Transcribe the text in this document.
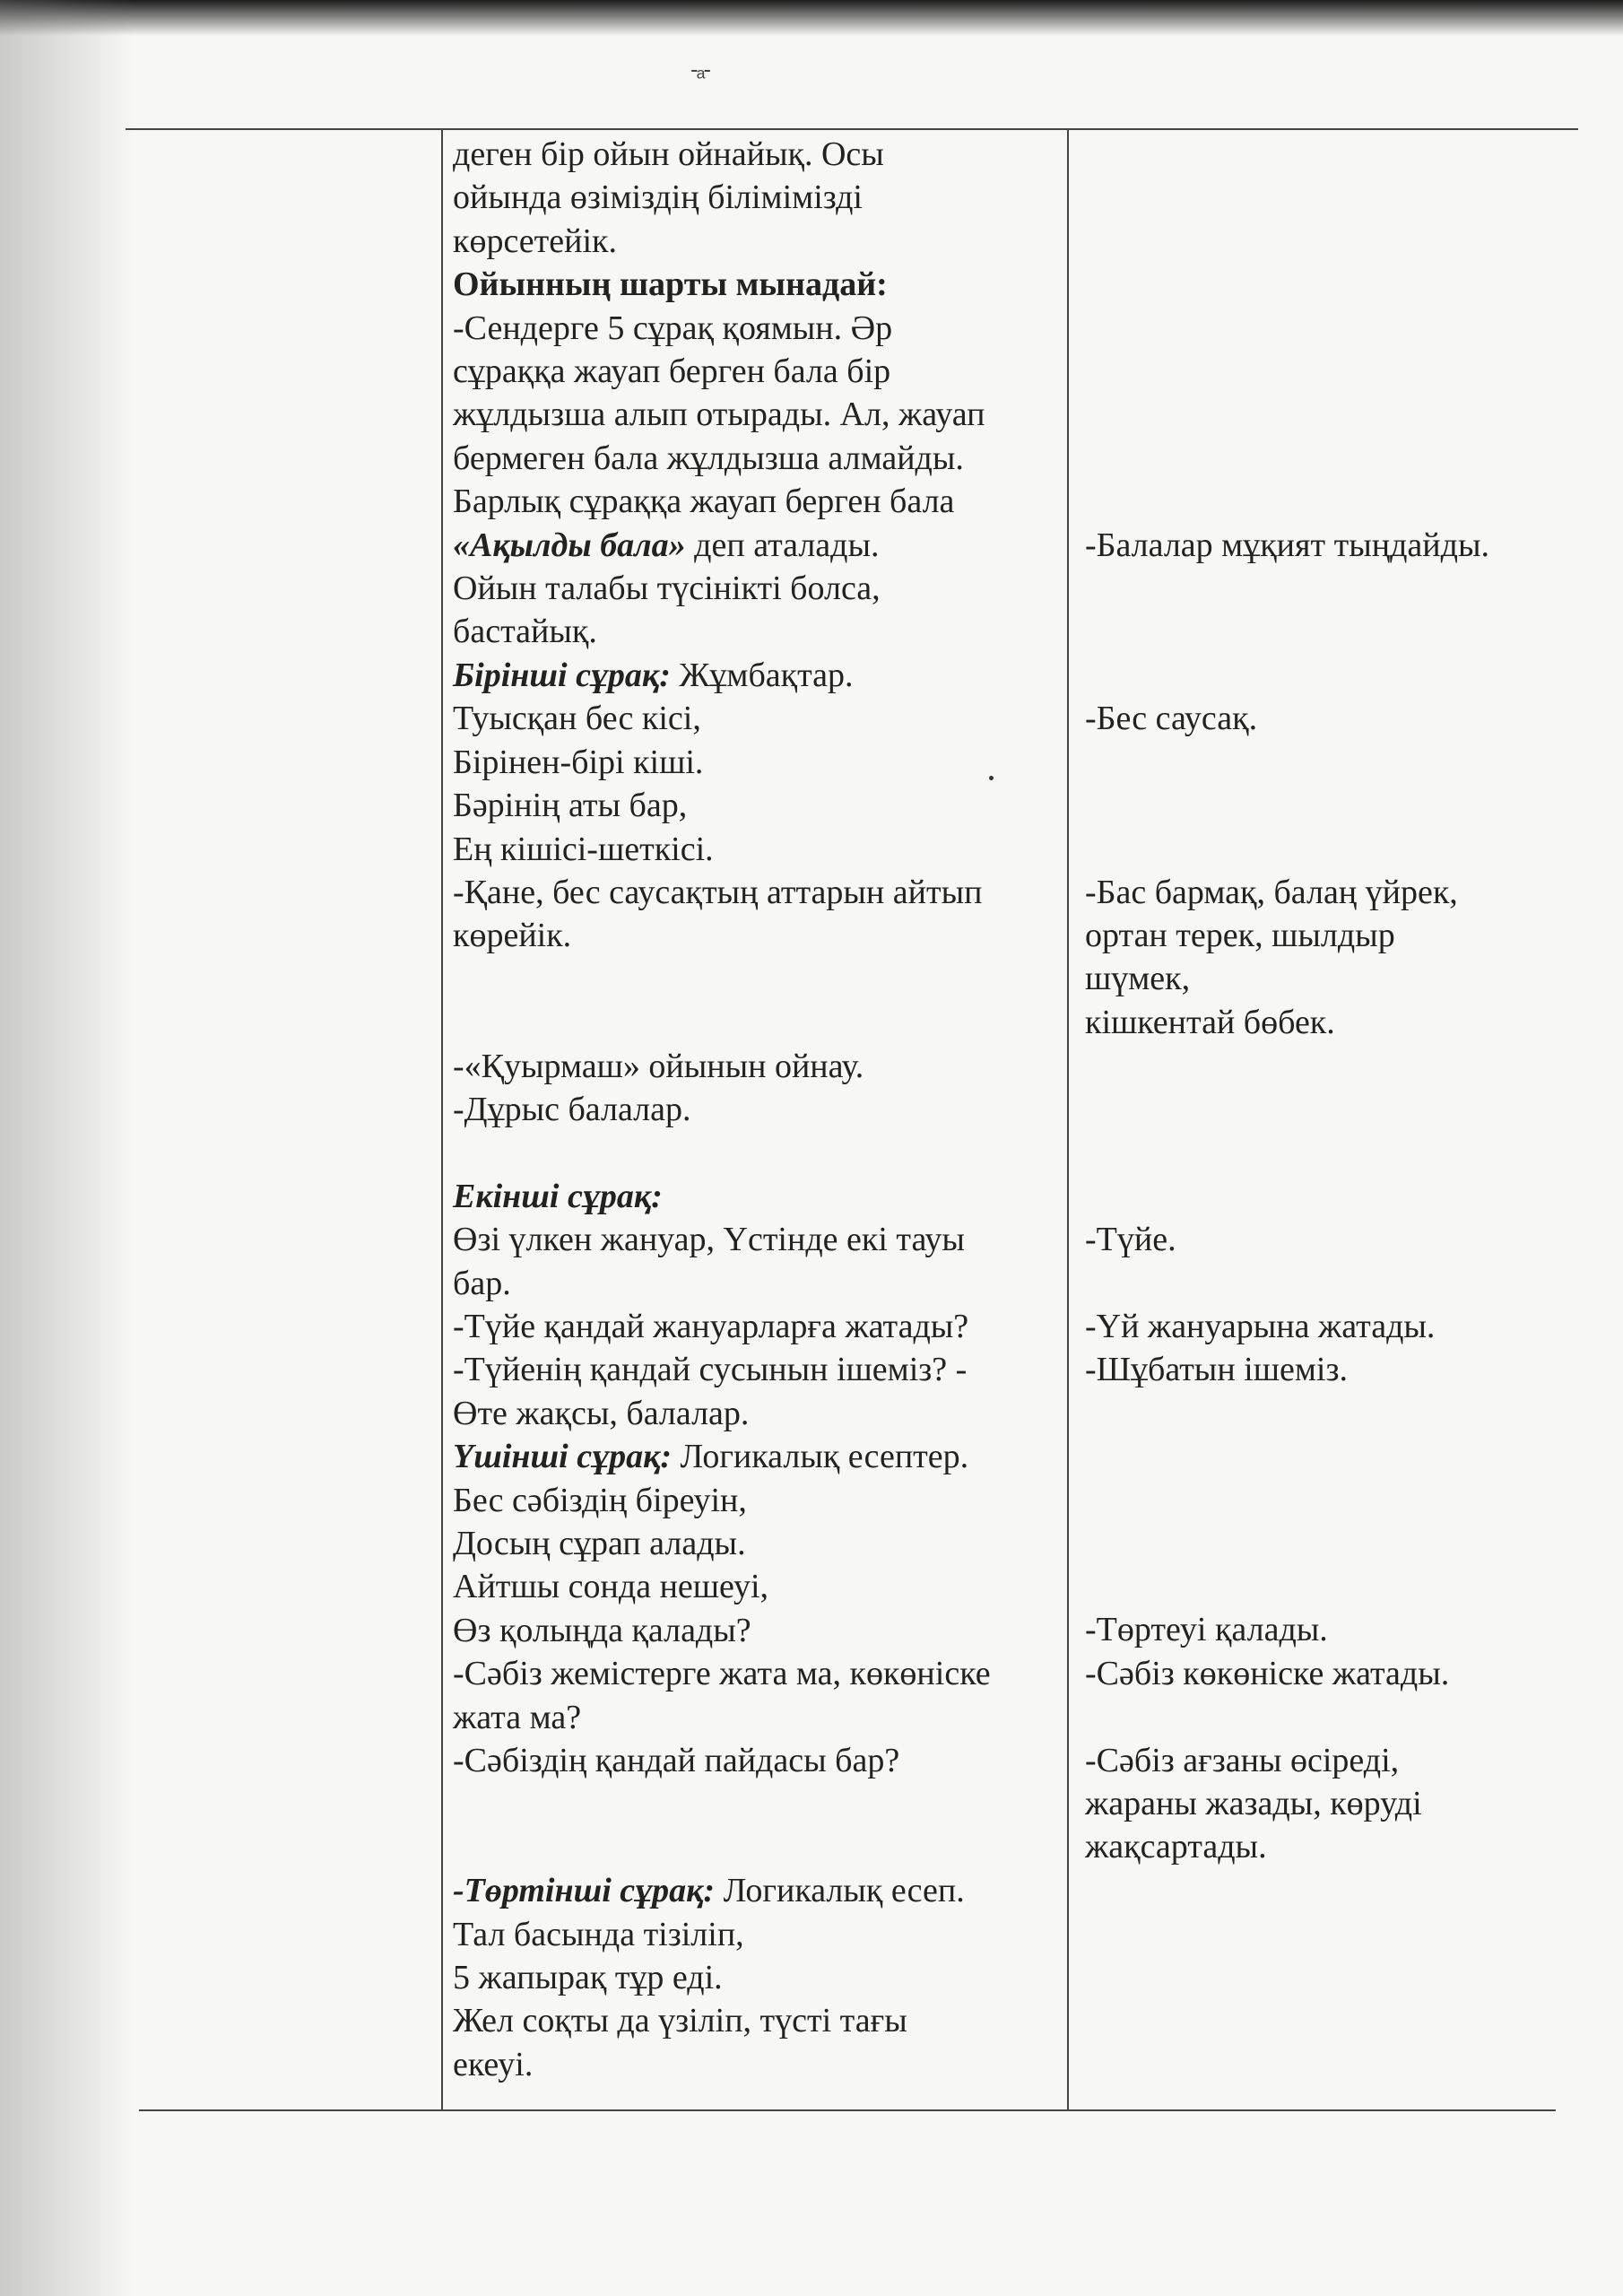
-ₐ-
деген бір ойын ойнайық. Осы
ойында өзіміздің білімімізді
көрсетейік.
Ойынның шарты мынадай:
-Сендерге 5 сұрақ қоямын. Әр
сұраққа жауап берген бала бір
жұлдызша алып отырады. Ал, жауап
бермеген бала жұлдызша алмайды.
Барлық сұраққа жауап берген бала
«Ақылды бала» деп аталады.
Ойын талабы түсінікті болса,
бастайық.
Бірінші сұрақ: Жұмбақтар.
Туысқан бес кісі,
Бірінен-бірі кіші.
Бәрінің аты бар,
Ең кішісі-шеткісі.
-Қане, бес саусақтың аттарын айтып
көрейік.
-«Қуырмаш» ойынын ойнау.
-Дұрыс балалар.
Екінші сұрақ:
Өзі үлкен жануар, Үстінде екі тауы
бар.
-Түйе қандай жануарларға жатады?
-Түйенің қандай сусынын ішеміз? -
Өте жақсы, балалар.
Үшінші сұрақ: Логикалық есептер.
Бес сәбіздің біреуін,
Досың сұрап алады.
Айтшы сонда нешеуі,
Өз қолыңда қалады?
-Сәбіз жемістерге жата ма, көкөніске
жата ма?
-Сәбіздің қандай пайдасы бар?
-Төртінші сұрақ: Логикалық есеп.
Тал басында тізіліп,
5 жапырақ тұр еді.
Жел соқты да үзіліп, түсті тағы
екеуі.
-Балалар мұқият тыңдайды.
-Бес саусақ.
-Бас бармақ, балаң үйрек,
ортан терек, шылдыр
шүмек,
кішкентай бөбек.
-Түйе.
-Үй жануарына жатады.
-Шұбатын ішеміз.
-Төртеуі қалады.
-Сәбіз көкөніске жатады.
-Сәбіз ағзаны өсіреді,
жараны жазады, көруді
жақсартады.
